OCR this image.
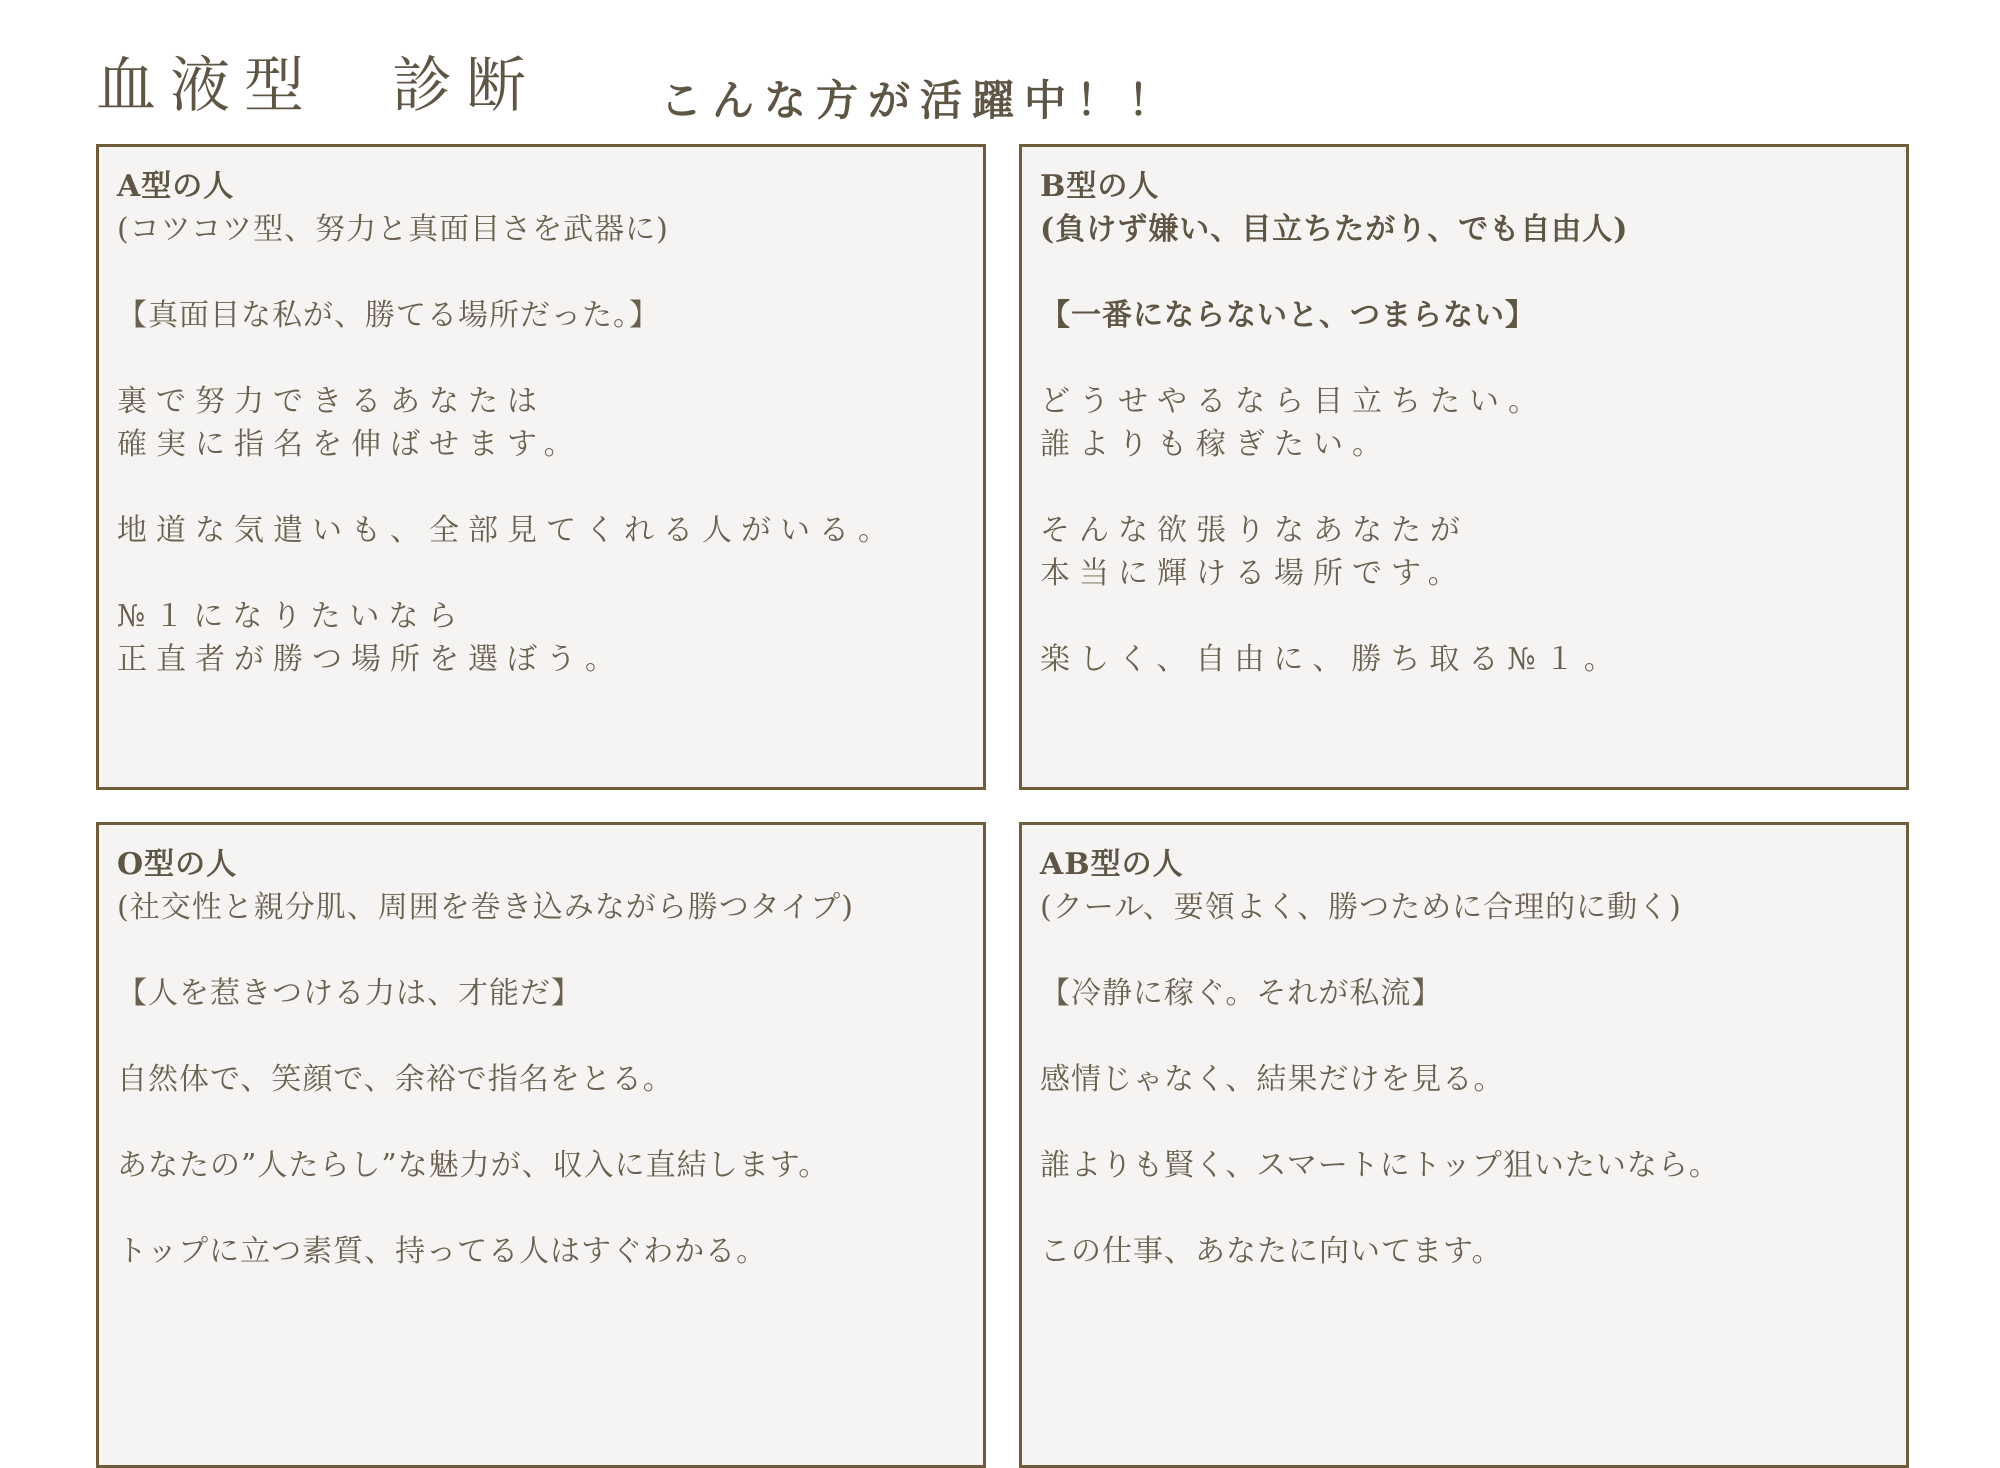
血液型　診断	こんな方が活躍中！！
A型の人
(コツコツ型、努力と真面目さを武器に)
【真面目な私が、勝てる場所だった。】
裏で努力できるあなたは
確実に指名を伸ばせます。
地道な気遣いも、全部見てくれる人がいる。
№１になりたいなら
正直者が勝つ場所を選ぼう。
B型の人
(負けず嫌い、目立ちたがり、でも自由人)
【一番にならないと、つまらない】
どうせやるなら目立ちたい。
誰よりも稼ぎたい。
そんな欲張りなあなたが
本当に輝ける場所です。
楽しく、自由に、勝ち取る№１。
O型の人
(社交性と親分肌、周囲を巻き込みながら勝つタイプ)
【人を惹きつける力は、才能だ】
自然体で、笑顔で、余裕で指名をとる。
あなたの”人たらし”な魅力が、収入に直結します。
トップに立つ素質、持ってる人はすぐわかる。
AB型の人
(クール、要領よく、勝つために合理的に動く)
【冷静に稼ぐ。それが私流】
感情じゃなく、結果だけを見る。
誰よりも賢く、スマートにトップ狙いたいなら。
この仕事、あなたに向いてます。
